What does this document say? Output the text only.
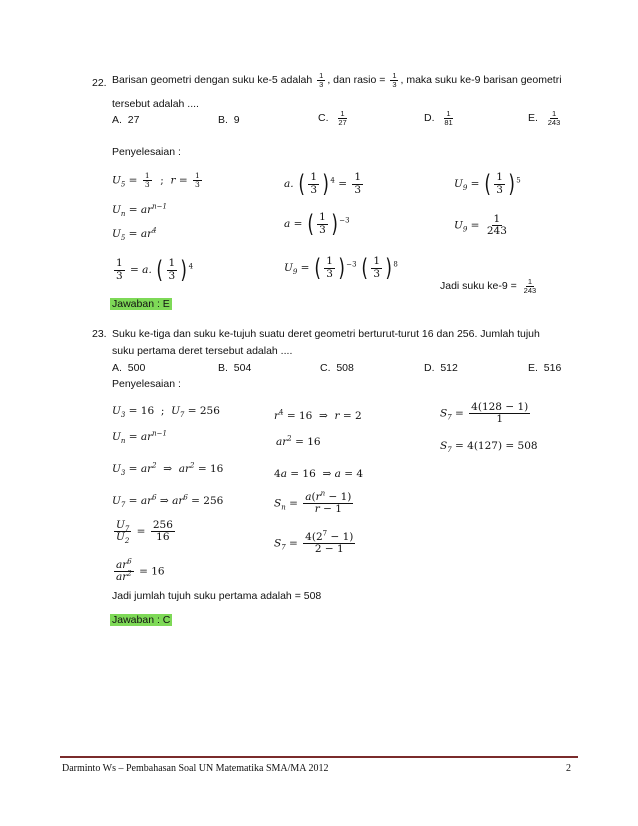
22. Barisan geometri dengan suku ke-5 adalah $\frac{1}{3}$ , dan rasio = $\frac{1}{3}$ , maka suku ke-9 barisan geometri
tersebut adalah ....
A. 27	B. 9	C. $\frac{1}{27}$	D. $\frac{1}{81}$	E. $\frac{1}{243}$
Penyelesaian :
$U_5 = \frac{1}{3}$ ;  $r = \frac{1}{3}$
$U_n = ar^{n-1}$
$U_5 = ar^4$
$\frac{1}{3} = a$. ( $\frac{1}{3}$ ) $^4$
a. ( $\frac{1}{3}$ ) $^4 = \frac{1}{3}$
a = ( $\frac{1}{3}$ ) $^{-3}$
$U_9$ = ( $\frac{1}{3}$ ) $^{-3}$ ( $\frac{1}{3}$ ) $^8$
$U_9$ = ( $\frac{1}{3}$ ) $^5$
$U_9 = \frac{1}{243}$
Jadi suku $ke-9 = \frac{1}{243}$
Jawaban : E
23. Suku ke-tiga dan suku ke-tujuh suatu deret geometri berturut-turut 16 dan 256. Jumlah tujuh
suku pertama deret tersebut adalah ....
A. 500	B. 504	C. 508	D. 512	E. 516
Penyelesaian :
$U_3 = 16$  ;  $U_7 = 256$
$U_n = ar^{n-1}$
$U_3 = ar^2$  ⇒  $ar^2 = 16$
$U_7 = ar^6$ ⇒ $ar^6 = 256$
$\frac{U_7}{U_2} = \frac{256}{16}$
$\frac{ar^6}{ar^2} = 16$
Jadi jumlah tujuh suku pertama adalah = 508
Jawaban : C
$r^4 = 16$  ⇒  r = 2
$ar^2 = 16$
4a = 16  ⇒ a = 4
$S_n = \frac{a(r^n - 1)}{r - 1}$
$S_7 = \frac{4(2^7 - 1)}{2 - 1}$
$S_7 = \frac{4(128 - 1)}{1}$
$S_7 = 4(127) = 508$
Darminto Ws – Pembahasan Soal UN Matematika SMA/MA 2012	2
